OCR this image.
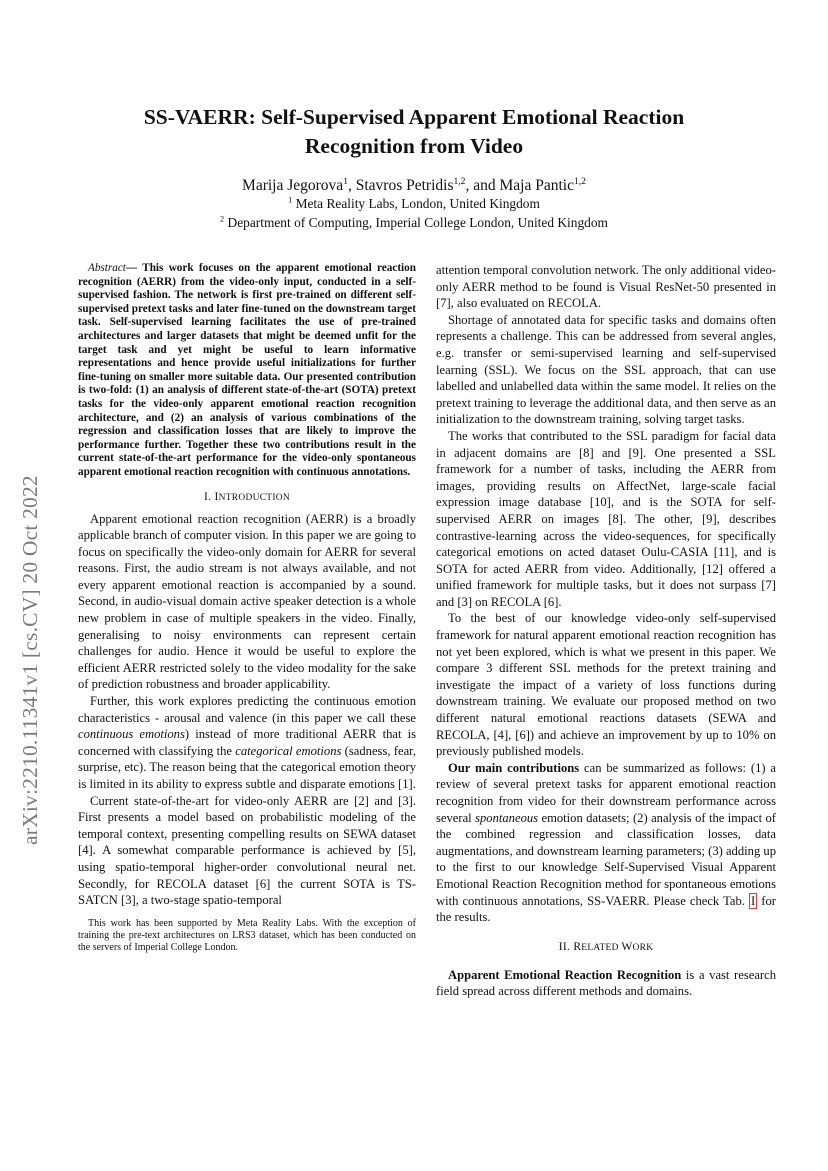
arXiv:2210.11341v1 [cs.CV] 20 Oct 2022
SS-VAERR: Self-Supervised Apparent Emotional Reaction
Recognition from Video
Marija Jegorova$^1$, Stavros Petridis$^{1,2}$, and Maja Pantic$^{1,2}$
$^1$ Meta Reality Labs, London, United Kingdom
$^2$ Department of Computing, Imperial College London, United Kingdom

Abstract— This work focuses on the apparent emotional reaction recognition (AERR) from the video-only input, conducted in a self-supervised fashion. The network is first pre-trained on different self-supervised pretext tasks and later fine-tuned on the downstream target task. Self-supervised learning facilitates the use of pre-trained architectures and larger datasets that might be deemed unfit for the target task and yet might be useful to learn informative representations and hence provide useful initializations for further fine-tuning on smaller more suitable data. Our presented contribution is two-fold: (1) an analysis of different state-of-the-art (SOTA) pretext tasks for the video-only apparent emotional reaction recognition architecture, and (2) an analysis of various combinations of the regression and classification losses that are likely to improve the performance further. Together these two contributions result in the current state-of-the-art performance for the video-only spontaneous apparent emotional reaction recognition with continuous annotations.

I. INTRODUCTION

Apparent emotional reaction recognition (AERR) is a broadly applicable branch of computer vision. In this paper we are going to focus on specifically the video-only domain for AERR for several reasons. First, the audio stream is not always available, and not every apparent emotional reaction is accompanied by a sound. Second, in audio-visual domain active speaker detection is a whole new problem in case of multiple speakers in the video. Finally, generalising to noisy environments can represent certain challenges for audio. Hence it would be useful to explore the efficient AERR restricted solely to the video modality for the sake of prediction robustness and broader applicability.

Further, this work explores predicting the continuous emotion characteristics - arousal and valence (in this paper we call these continuous emotions) instead of more traditional AERR that is concerned with classifying the categorical emotions (sadness, fear, surprise, etc). The reason being that the categorical emotion theory is limited in its ability to express subtle and disparate emotions [1].

Current state-of-the-art for video-only AERR are [2] and [3]. First presents a model based on probabilistic modeling of the temporal context, presenting compelling results on SEWA dataset [4]. A somewhat comparable performance is achieved by [5], using spatio-temporal higher-order convolutional neural net. Secondly, for RECOLA dataset [6] the current SOTA is TS-SATCN [3], a two-stage spatio-temporal

This work has been supported by Meta Reality Labs. With the exception of training the pre-text architectures on LRS3 dataset, which has been conducted on the servers of Imperial College London.

attention temporal convolution network. The only additional video-only AERR method to be found is Visual ResNet-50 presented in [7], also evaluated on RECOLA.

Shortage of annotated data for specific tasks and domains often represents a challenge. This can be addressed from several angles, e.g. transfer or semi-supervised learning and self-supervised learning (SSL). We focus on the SSL approach, that can use labelled and unlabelled data within the same model. It relies on the pretext training to leverage the additional data, and then serve as an initialization to the downstream training, solving target tasks.

The works that contributed to the SSL paradigm for facial data in adjacent domains are [8] and [9]. One presented a SSL framework for a number of tasks, including the AERR from images, providing results on AffectNet, large-scale facial expression image database [10], and is the SOTA for self-supervised AERR on images [8]. The other, [9], describes contrastive-learning across the video-sequences, for specifically categorical emotions on acted dataset Oulu-CASIA [11], and is SOTA for acted AERR from video. Additionally, [12] offered a unified framework for multiple tasks, but it does not surpass [7] and [3] on RECOLA [6].

To the best of our knowledge video-only self-supervised framework for natural apparent emotional reaction recognition has not yet been explored, which is what we present in this paper. We compare 3 different SSL methods for the pretext training and investigate the impact of a variety of loss functions during downstream training. We evaluate our proposed method on two different natural emotional reactions datasets (SEWA and RECOLA, [4], [6]) and achieve an improvement by up to 10% on previously published models.

Our main contributions can be summarized as follows: (1) a review of several pretext tasks for apparent emotional reaction recognition from video for their downstream performance across several spontaneous emotion datasets; (2) analysis of the impact of the combined regression and classification losses, data augmentations, and downstream learning parameters; (3) adding up to the first to our knowledge Self-Supervised Visual Apparent Emotional Reaction Recognition method for spontaneous emotions with continuous annotations, SS-VAERR. Please check Tab. I for the results.

II. RELATED WORK

Apparent Emotional Reaction Recognition is a vast research field spread across different methods and domains.
